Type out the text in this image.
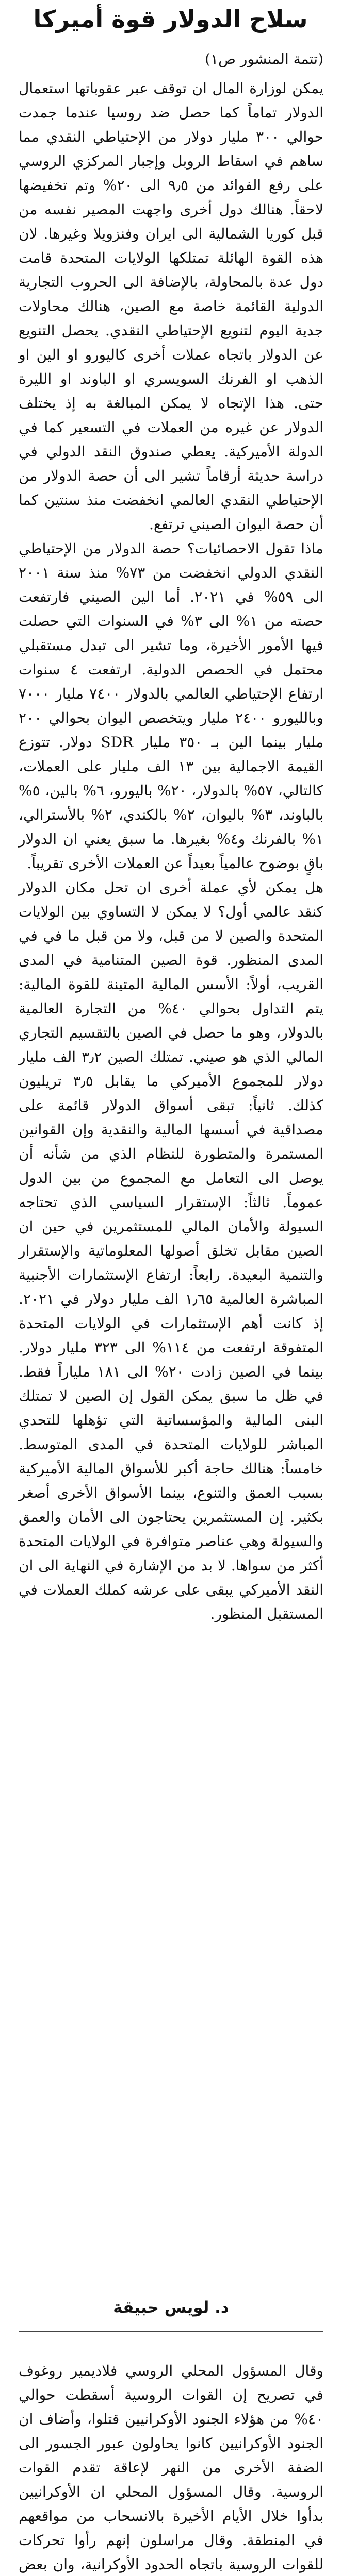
سلاح الدولار قوة أميركا
(تتمة المنشور ص١)

يمكن لوزارة المال ان توقف عبر عقوباتها استعمال الدولار تماماً كما حصل ضد روسيا عندما جمدت حوالي ٣٠٠ مليار دولار من الإحتياطي النقدي مما ساهم في اسقاط الروبل وإجبار المركزي الروسي على رفع الفوائد من ٩٫٥ الى ٢٠% وتم تخفيضها لاحقاً. هنالك دول أخرى واجهت المصير نفسه من قبل كوريا الشمالية الى ايران وفنزويلا وغيرها. لان هذه القوة الهائلة تمتلكها الولايات المتحدة قامت دول عدة بالمحاولة، بالإضافة الى الحروب التجارية الدولية القائمة خاصة مع الصين، هنالك محاولات جدية اليوم لتنويع الإحتياطي النقدي. يحصل التنويع عن الدولار باتجاه عملات أخرى كاليورو او الين او الذهب او الفرنك السويسري او الباوند او الليرة حتى. هذا الإتجاه لا يمكن المبالغة به إذ يختلف الدولار عن غيره من العملات في التسعير كما في الدولة الأميركية. يعطي صندوق النقد الدولي في دراسة حديثة أرقاماً تشير الى أن حصة الدولار من الإحتياطي النقدي العالمي انخفضت منذ سنتين كما أن حصة اليوان الصيني ترتفع.

ماذا تقول الاحصائيات؟ حصة الدولار من الإحتياطي النقدي الدولي انخفضت من ٧٣% منذ سنة ٢٠٠١ الى ٥٩% في ٢٠٢١. أما الين الصيني فارتفعت حصته من ١% الى ٣% في السنوات التي حصلت فيها الأمور الأخيرة، وما تشير الى تبدل مستقبلي محتمل في الحصص الدولية. ارتفعت ٤ سنوات ارتفاع الإحتياطي العالمي بالدولار ٧٤٠٠ مليار ٧٠٠٠ وبالليورو ٢٤٠٠ مليار ويتخصص اليوان بحوالي ٢٠٠ مليار بينما الين بـ ٣٥٠ مليار SDR دولار. تتوزع القيمة الاجمالية بين ١٣ الف مليار على العملات، كالتالي، ٥٧% بالدولار، ٢٠% باليورو، ٦% بالين، ٥% بالباوند، ٣% باليوان، ٢% بالكندي، ٢% بالأسترالي، ١% بالفرنك و٤% بغيرها. ما سبق يعني ان الدولار باقٍ بوضوح عالمياً بعيداً عن العملات الأخرى تقريباً.

هل يمكن لأي عملة أخرى ان تحل مكان الدولار كنقد عالمي أول؟ لا يمكن لا التساوي بين الولايات المتحدة والصين لا من قبل، ولا من قبل ما في في المدى المنظور. قوة الصين المتنامية في المدى القريب، أولاً: الأسس المالية المتينة للقوة المالية: يتم التداول بحوالي ٤٠% من التجارة العالمية بالدولار، وهو ما حصل في الصين بالتقسيم التجاري المالي الذي هو صيني. تمتلك الصين ٣٫٢ الف مليار دولار للمجموع الأميركي ما يقابل ٣٫٥ تريليون كذلك. ثانياً: تبقى أسواق الدولار قائمة على مصداقية في أسسها المالية والنقدية وإن القوانين المستمرة والمتطورة للنظام الذي من شأنه أن يوصل الى التعامل مع المجموع من بين الدول عموماً. ثالثاً: الإستقرار السياسي الذي تحتاجه السيولة والأمان المالي للمستثمرين في حين ان الصين مقابل تخلق أصولها المعلوماتية والإستقرار والتنمية البعيدة. رابعاً: ارتفاع الإستثمارات الأجنبية المباشرة العالمية ١٫٦٥ الف مليار دولار في ٢٠٢١. إذ كانت أهم الإستثمارات في الولايات المتحدة المتفوقة ارتفعت من ١١٤% الى ٣٢٣ مليار دولار. بينما في الصين زادت ٢٠% الى ١٨١ ملياراً فقط. في ظل ما سبق يمكن القول إن الصين لا تمتلك البنى المالية والمؤسساتية التي تؤهلها للتحدي المباشر للولايات المتحدة في المدى المتوسط. خامساً: هنالك حاجة أكبر للأسواق المالية الأميركية بسبب العمق والتنوع، بينما الأسواق الأخرى أصغر بكثير. إن المستثمرين يحتاجون الى الأمان والعمق والسيولة وهي عناصر متوافرة في الولايات المتحدة أكثر من سواها. لا بد من الإشارة في النهاية الى ان النقد الأميركي يبقى على عرشه كملك العملات في المستقبل المنظور.

د. لويس حبيقة
وقال المسؤول المحلي الروسي فلاديمير روغوف في تصريح إن القوات الروسية أسقطت حوالي ٤٠% من هؤلاء الجنود الأوكرانيين قتلوا، وأضاف ان الجنود الأوكرانيين كانوا يحاولون عبور الجسور الى الضفة الأخرى من النهر لإعاقة تقدم القوات الروسية. وقال المسؤول المحلي ان الأوكرانيين بدأوا خلال الأيام الأخيرة بالانسحاب من مواقعهم في المنطقة. وقال مراسلون إنهم رأوا تحركات للقوات الروسية باتجاه الحدود الأوكرانية، وان بعض
